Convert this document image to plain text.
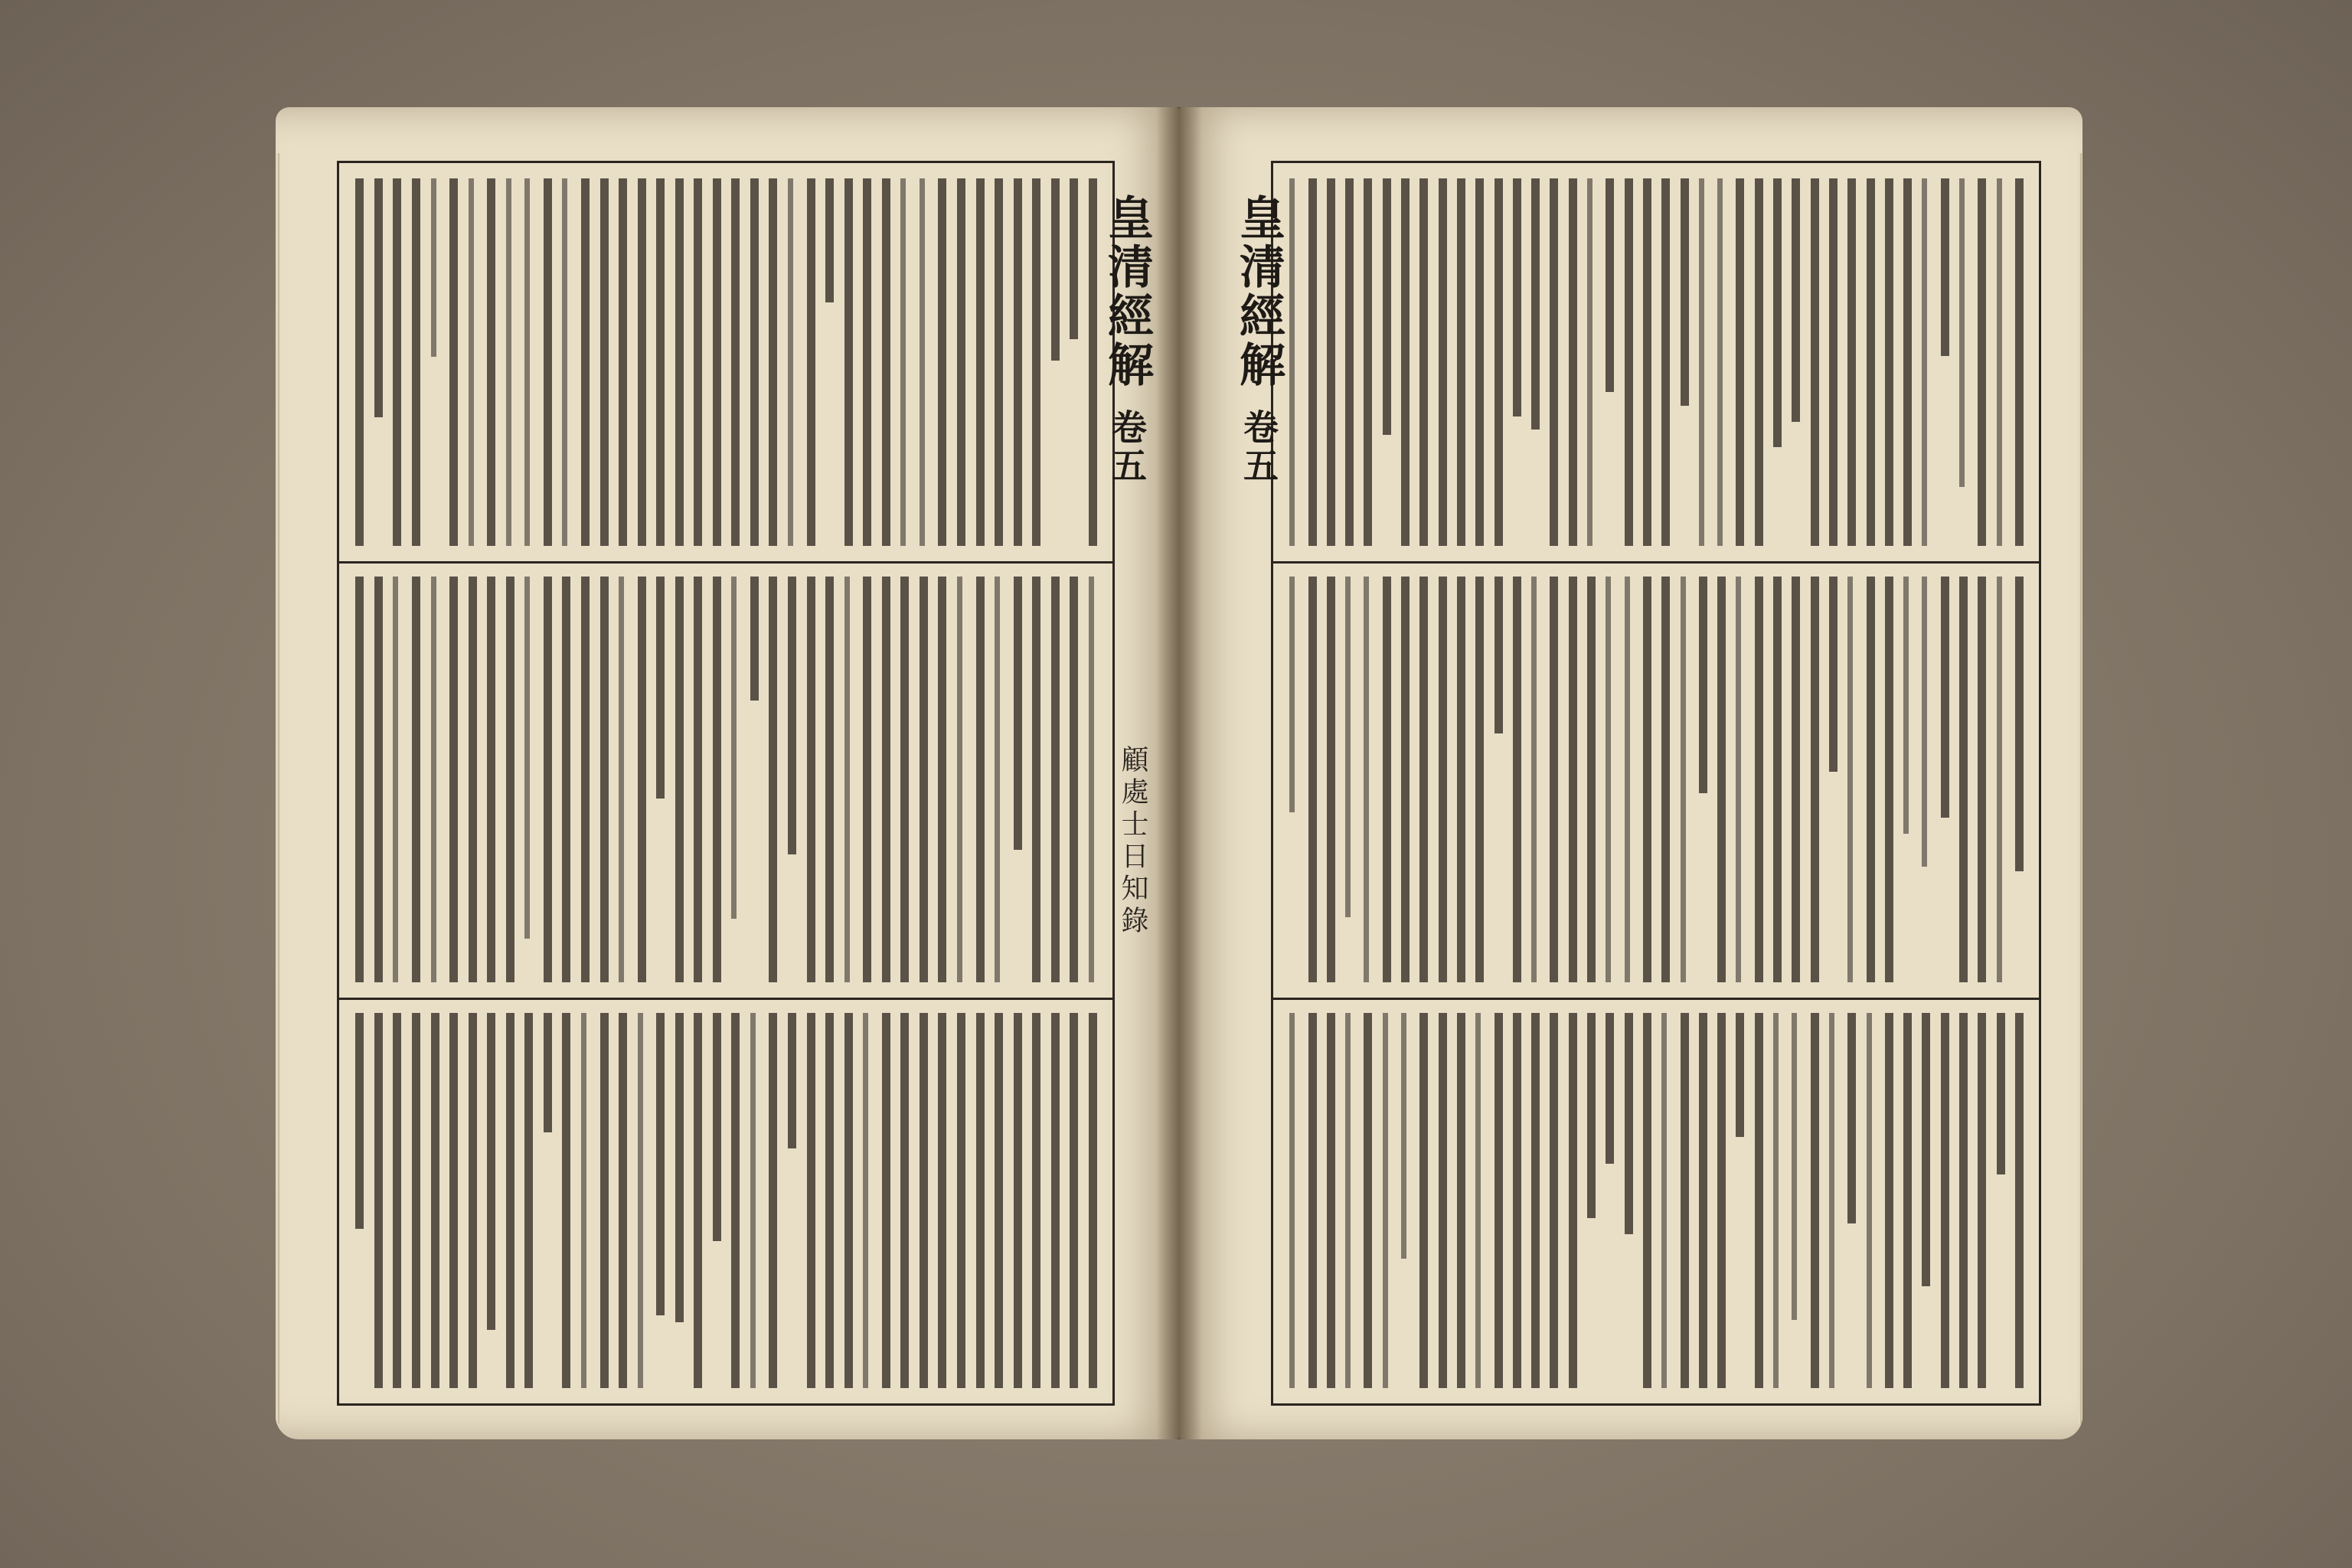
皇清經解 卷五
顧處士日知錄
皇清經解 卷五
